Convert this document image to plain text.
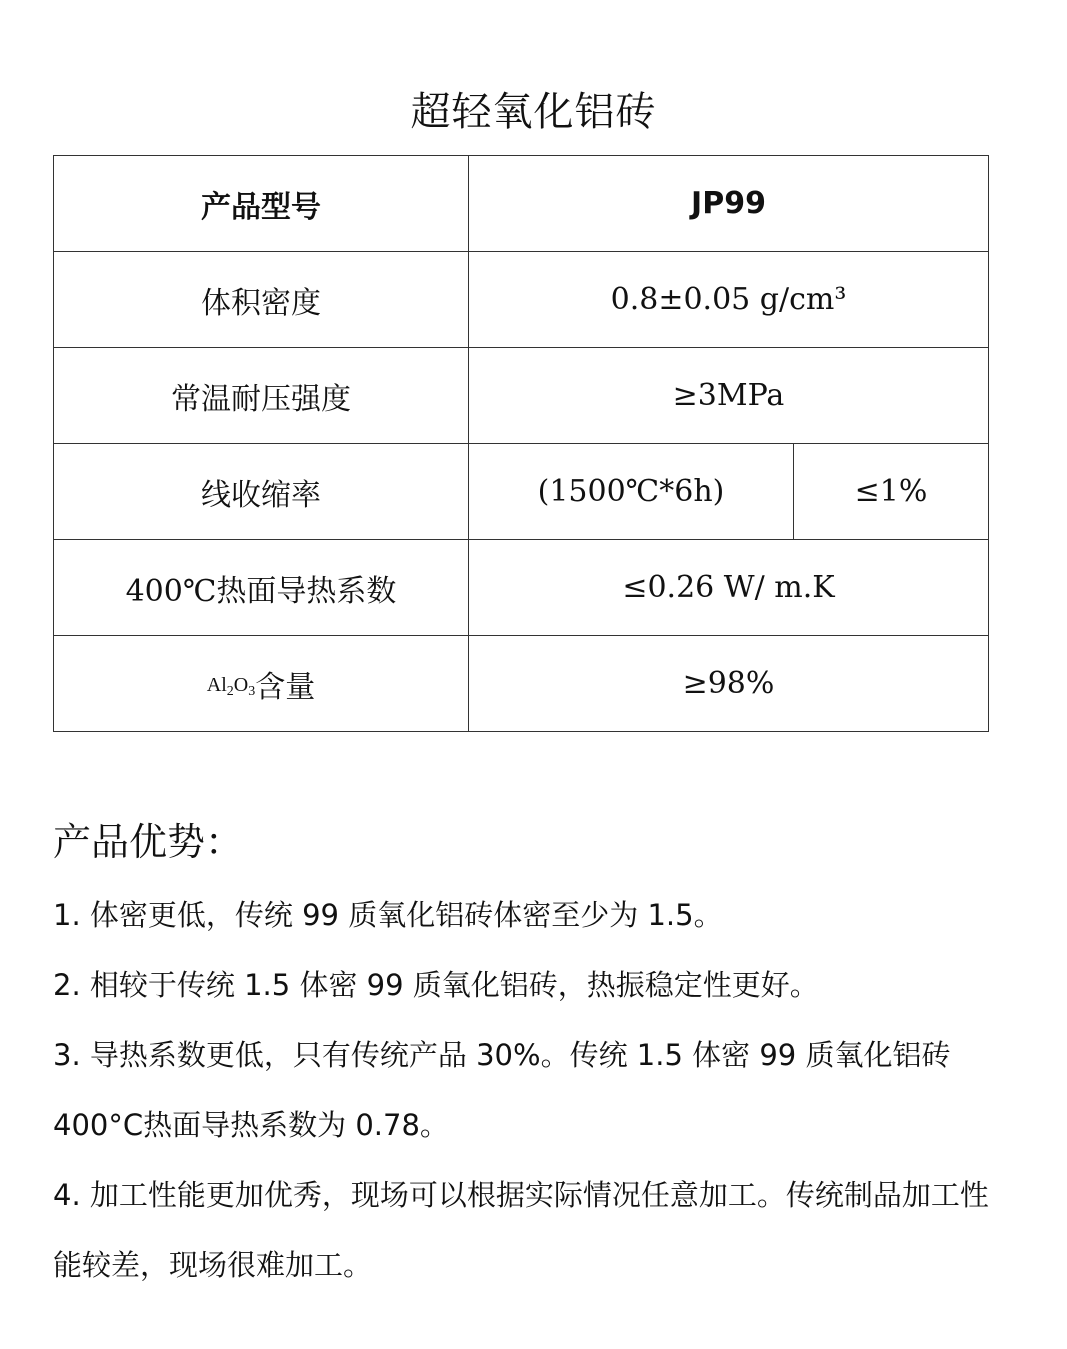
超轻氧化铝砖
产品型号	JP99	
体积密度	0.8±0.05 g/cm³	
常温耐压强度	≥3MPa	
线收缩率	(1500℃*6h)	≤1%
400℃热面导热系数	≤0.26 W/ m.K	
$^{Al_2O_3}$含量	≥98%	
产品优势：

1. 体密更低，传统 99 质氧化铝砖体密至少为 1.5。

2. 相较于传统 1.5 体密 99 质氧化铝砖，热振稳定性更好。

3. 导热系数更低，只有传统产品 30%。传统 1.5 体密 99 质氧化铝砖 400°C热面导热系数为 0.78。

4. 加工性能更加优秀，现场可以根据实际情况任意加工。传统制品加工性能较差，现场很难加工。
